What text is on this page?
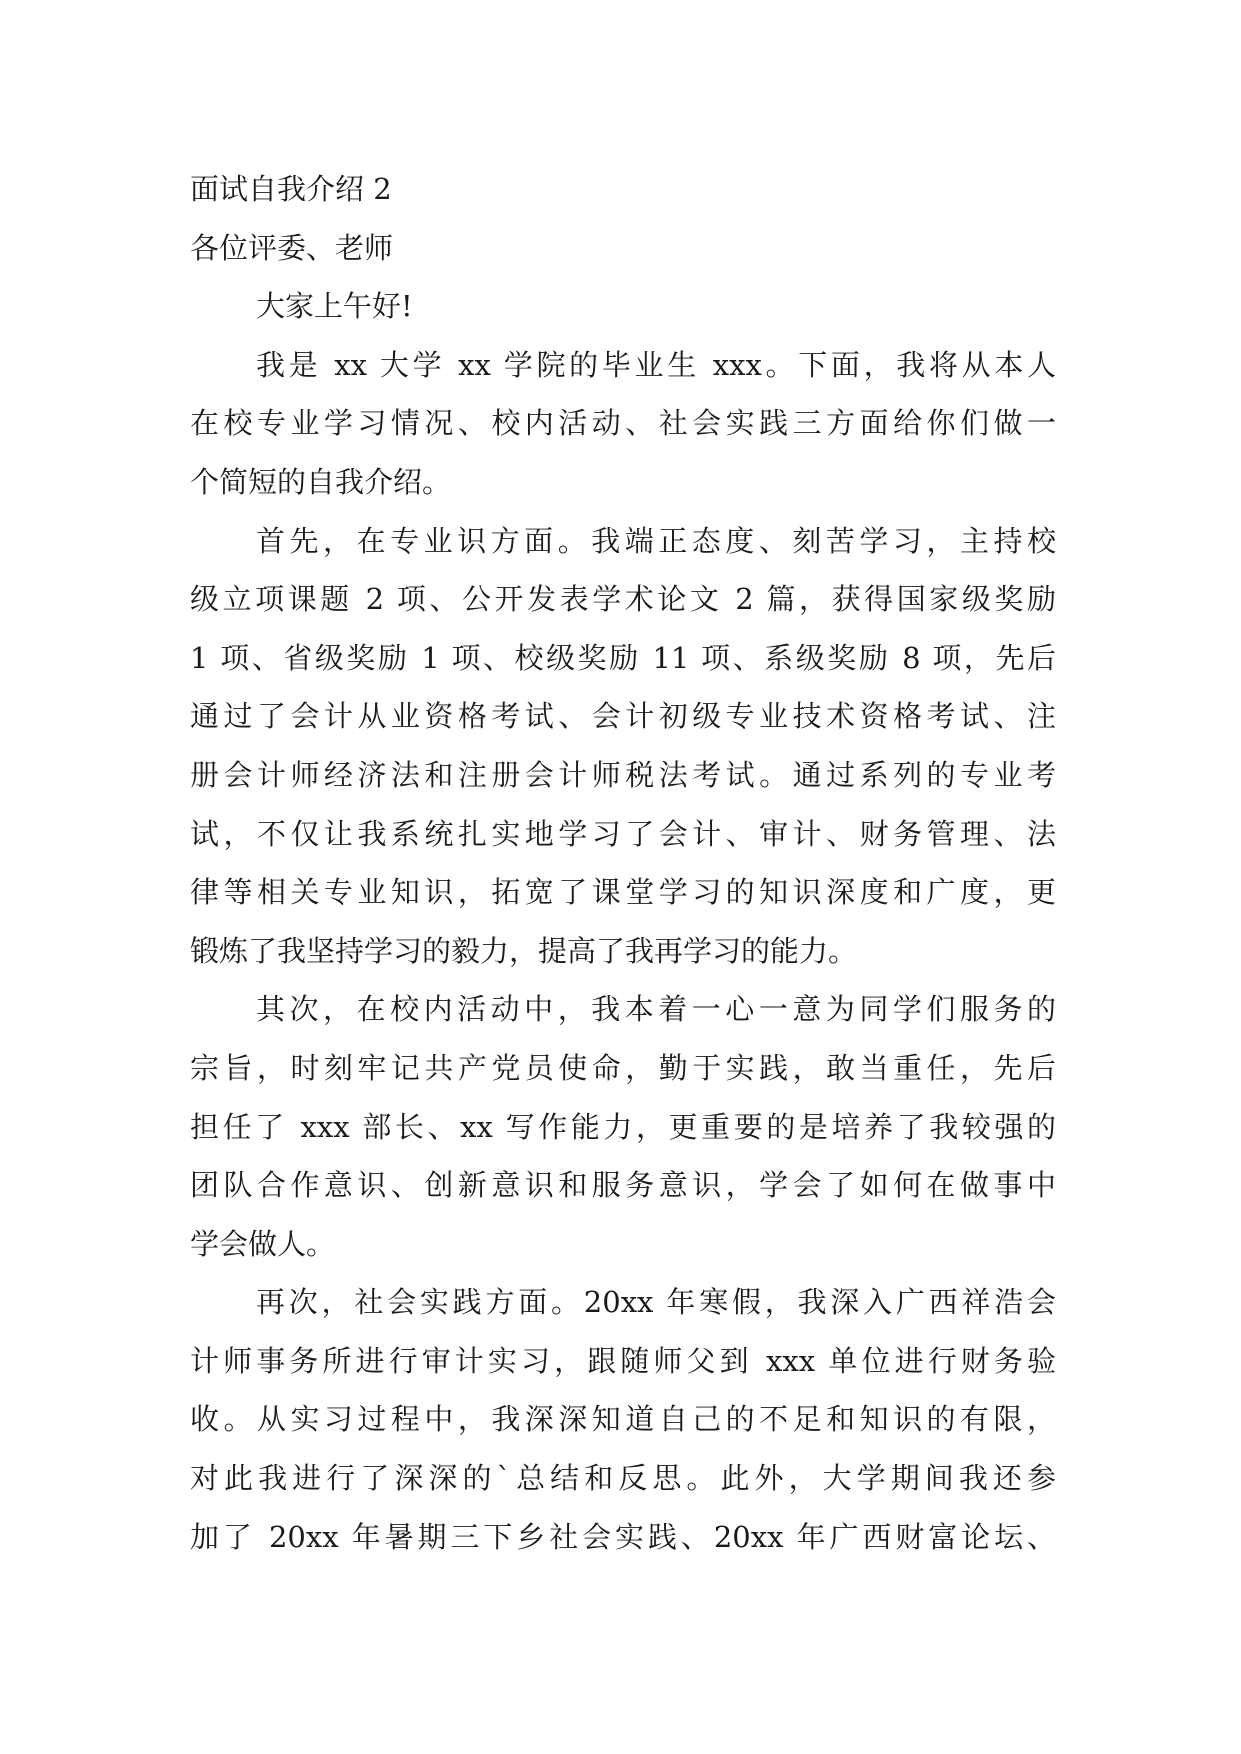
面试自我介绍 2
各位评委、老师
大家上午好!
我是 xx 大学 xx 学院的毕业生 xxx。下面，我将从本人
在校专业学习情况、校内活动、社会实践三方面给你们做一
个简短的自我介绍。
首先，在专业识方面。我端正态度、刻苦学习，主持校
级立项课题 2 项、公开发表学术论文 2 篇，获得国家级奖励
1 项、省级奖励 1 项、校级奖励 11 项、系级奖励 8 项，先后
通过了会计从业资格考试、会计初级专业技术资格考试、注
册会计师经济法和注册会计师税法考试。通过系列的专业考
试，不仅让我系统扎实地学习了会计、审计、财务管理、法
律等相关专业知识，拓宽了课堂学习的知识深度和广度，更
锻炼了我坚持学习的毅力，提高了我再学习的能力。
其次，在校内活动中，我本着一心一意为同学们服务的
宗旨，时刻牢记共产党员使命，勤于实践，敢当重任，先后
担任了 xxx 部长、xx 写作能力，更重要的是培养了我较强的
团队合作意识、创新意识和服务意识，学会了如何在做事中
学会做人。
再次，社会实践方面。20xx 年寒假，我深入广西祥浩会
计师事务所进行审计实习，跟随师父到 xxx 单位进行财务验
收。从实习过程中，我深深知道自己的不足和知识的有限，
对此我进行了深深的`总结和反思。此外，大学期间我还参
加了 20xx 年暑期三下乡社会实践、20xx 年广西财富论坛、
